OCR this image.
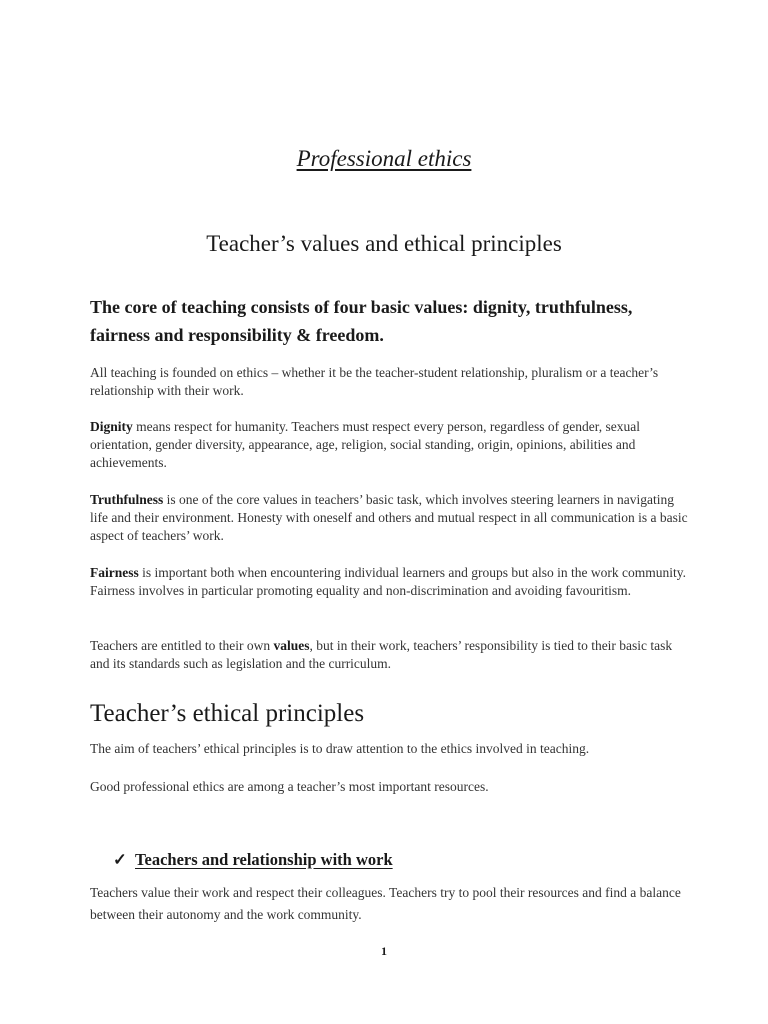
Professional ethics
Teacher’s values and ethical principles
The core of teaching consists of four basic values: dignity, truthfulness, fairness and responsibility & freedom.
All teaching is founded on ethics – whether it be the teacher-student relationship, pluralism or a teacher’s relationship with their work.
Dignity means respect for humanity. Teachers must respect every person, regardless of gender, sexual orientation, gender diversity, appearance, age, religion, social standing, origin, opinions, abilities and achievements.
Truthfulness is one of the core values in teachers’ basic task, which involves steering learners in navigating life and their environment. Honesty with oneself and others and mutual respect in all communication is a basic aspect of teachers’ work.
Fairness is important both when encountering individual learners and groups but also in the work community. Fairness involves in particular promoting equality and non-discrimination and avoiding favouritism.
Teachers are entitled to their own values, but in their work, teachers’ responsibility is tied to their basic task and its standards such as legislation and the curriculum.
Teacher’s ethical principles
The aim of teachers’ ethical principles is to draw attention to the ethics involved in teaching.
Good professional ethics are among a teacher’s most important resources.
✓ Teachers and relationship with work
Teachers value their work and respect their colleagues. Teachers try to pool their resources and find a balance between their autonomy and the work community.
1
